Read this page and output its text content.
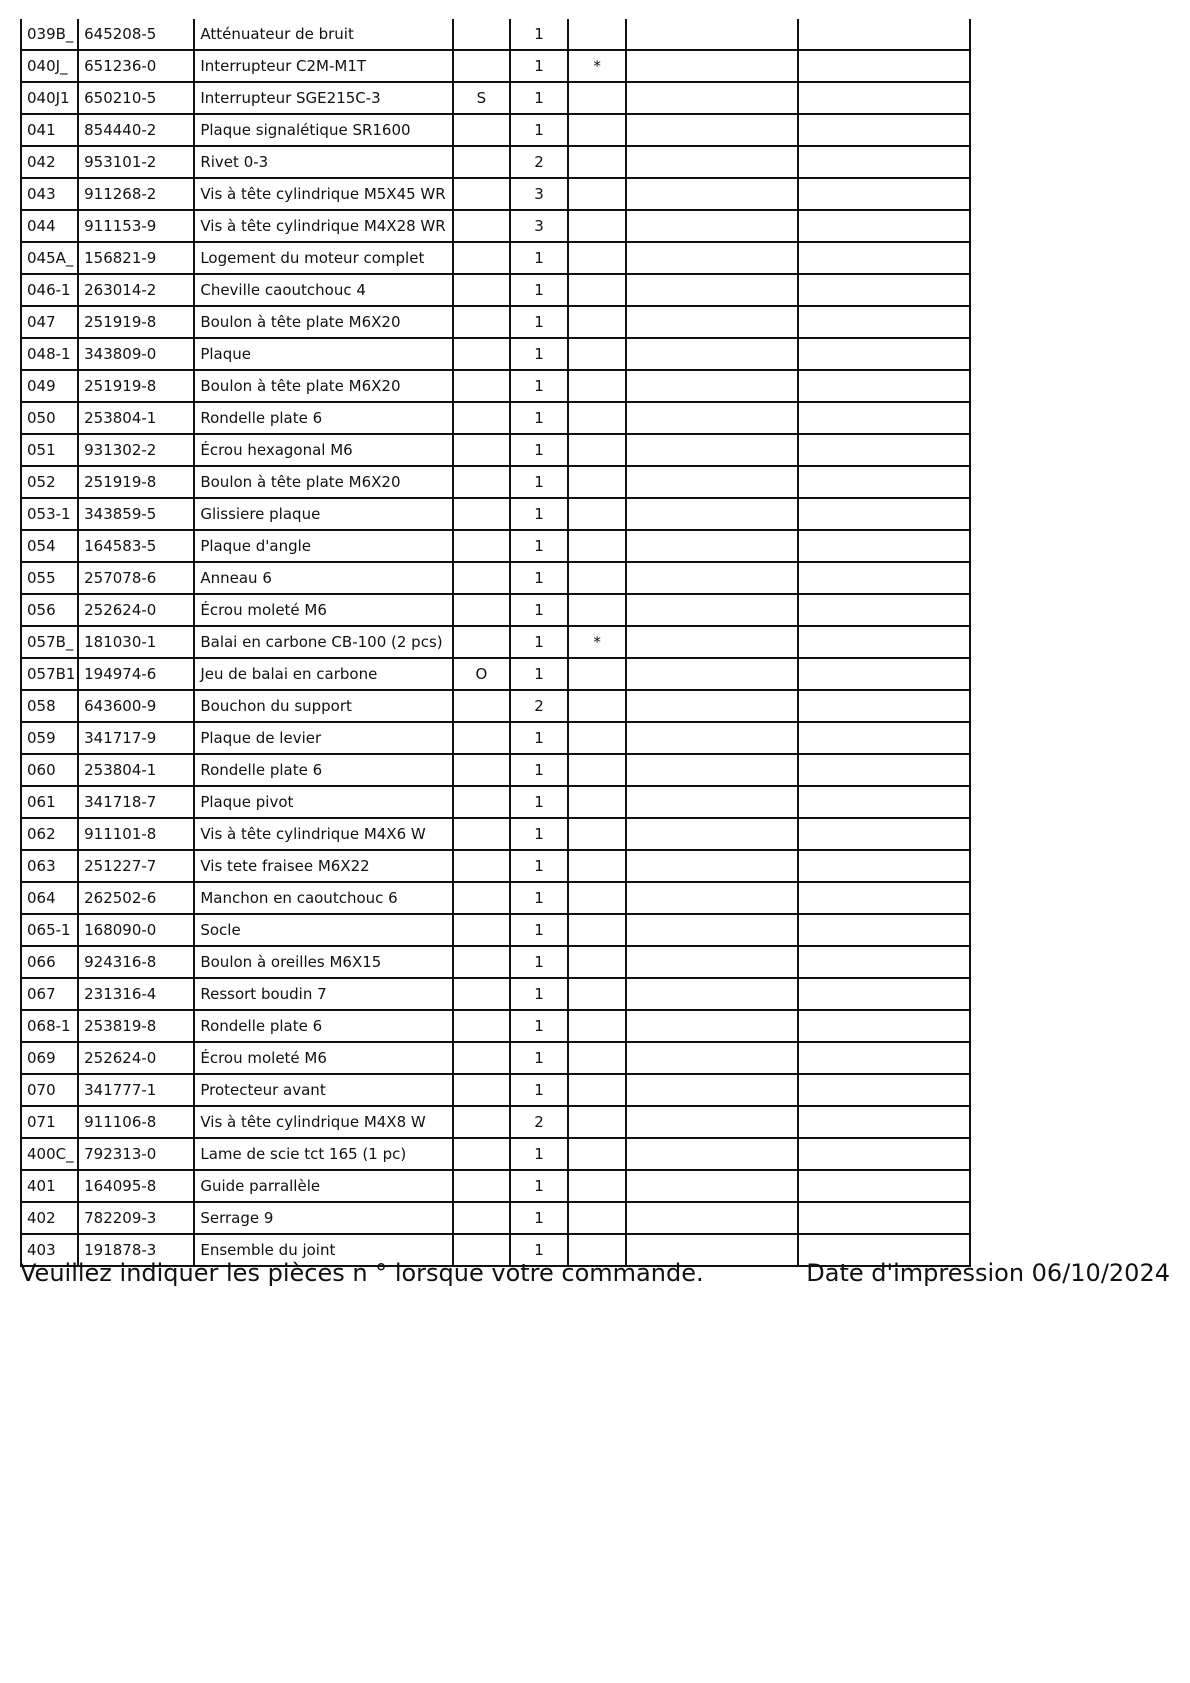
039B_	645208-5	Atténuateur de bruit		1			
040J_	651236-0	Interrupteur C2M-M1T		1	*		
040J1	650210-5	Interrupteur SGE215C-3	S	1			
041	854440-2	Plaque signalétique SR1600		1			
042	953101-2	Rivet 0-3		2			
043	911268-2	Vis à tête cylindrique M5X45 WR		3			
044	911153-9	Vis à tête cylindrique M4X28 WR		3			
045A_	156821-9	Logement du moteur complet		1			
046-1	263014-2	Cheville caoutchouc 4		1			
047	251919-8	Boulon à tête plate M6X20		1			
048-1	343809-0	Plaque		1			
049	251919-8	Boulon à tête plate M6X20		1			
050	253804-1	Rondelle plate 6		1			
051	931302-2	Écrou hexagonal M6		1			
052	251919-8	Boulon à tête plate M6X20		1			
053-1	343859-5	Glissiere plaque		1			
054	164583-5	Plaque d'angle		1			
055	257078-6	Anneau 6		1			
056	252624-0	Écrou moleté M6		1			
057B_	181030-1	Balai en carbone CB-100 (2 pcs)		1	*		
057B1	194974-6	Jeu de balai en carbone	O	1			
058	643600-9	Bouchon du support		2			
059	341717-9	Plaque de levier		1			
060	253804-1	Rondelle plate 6		1			
061	341718-7	Plaque pivot		1			
062	911101-8	Vis à tête cylindrique M4X6 W		1			
063	251227-7	Vis tete fraisee M6X22		1			
064	262502-6	Manchon en caoutchouc 6		1			
065-1	168090-0	Socle		1			
066	924316-8	Boulon à oreilles M6X15		1			
067	231316-4	Ressort boudin 7		1			
068-1	253819-8	Rondelle plate 6		1			
069	252624-0	Écrou moleté M6		1			
070	341777-1	Protecteur avant		1			
071	911106-8	Vis à tête cylindrique M4X8 W		2			
400C_	792313-0	Lame de scie tct 165 (1 pc)		1			
401	164095-8	Guide parrallèle		1			
402	782209-3	Serrage 9		1			
403	191878-3	Ensemble du joint		1			
Veuillez indiquer les pièces n ° lorsque votre commande.	Date d'impression 06/10/2024
